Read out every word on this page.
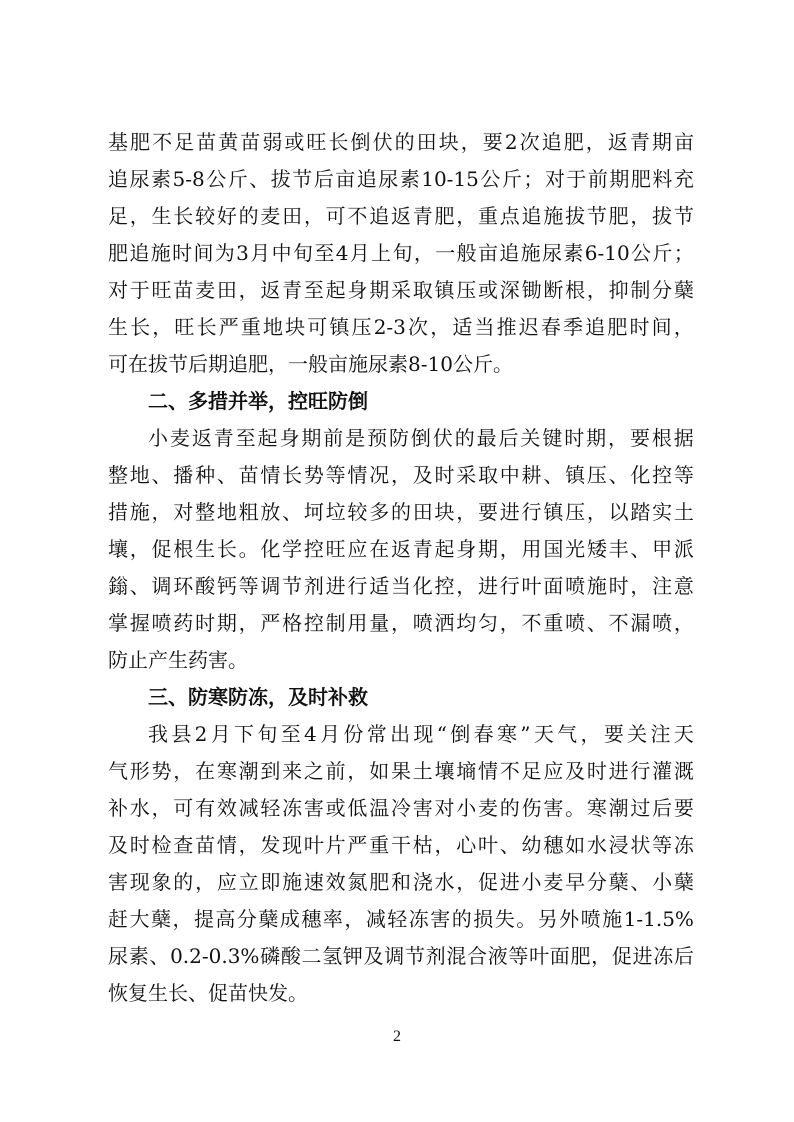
基 肥 不 足 苗 黄 苗 弱 或 旺 长 倒 伏 的 田 块 ， 要 2 次 追 肥 ， 返 青 期 亩
追 尿 素 5-8 公 斤 、 拔 节 后 亩 追 尿 素 10-15 公 斤 ； 对 于 前 期 肥 料 充
足 ， 生 长 较 好 的 麦 田 ， 可 不 追 返 青 肥 ， 重 点 追 施 拔 节 肥 ， 拔 节
肥 追 施 时 间 为 3 月 中 旬 至 4 月 上 旬 ， 一 般 亩 追 施 尿 素 6-10 公 斤 ；
对 于 旺 苗 麦 田 ， 返 青 至 起 身 期 采 取 镇 压 或 深 锄 断 根 ， 抑 制 分 蘖
生 长 ， 旺 长 严 重 地 块 可 镇 压 2-3 次 ， 适 当 推 迟 春 季 追 肥 时 间 ，
可 在 拔 节 后 期 追 肥 ， 一 般 亩 施 尿 素 8-10 公 斤 。
二 、 多 措 并 举 ， 控 旺 防 倒
小 麦 返 青 至 起 身 期 前 是 预 防 倒 伏 的 最 后 关 键 时 期 ， 要 根 据
整 地 、 播 种 、 苗 情 长 势 等 情 况 ， 及 时 采 取 中 耕 、 镇 压 、 化 控 等
措 施 ， 对 整 地 粗 放 、 坷 垃 较 多 的 田 块 ， 要 进 行 镇 压 ， 以 踏 实 土
壤 ， 促 根 生 长 。 化 学 控 旺 应 在 返 青 起 身 期 ， 用 国 光 矮 丰 、 甲 派
鎓 、 调 环 酸 钙 等 调 节 剂 进 行 适 当 化 控 ， 进 行 叶 面 喷 施 时 ， 注 意
掌 握 喷 药 时 期 ， 严 格 控 制 用 量 ， 喷 洒 均 匀 ， 不 重 喷 、 不 漏 喷 ，
防 止 产 生 药 害 。
三 、 防 寒 防 冻 ， 及 时 补 救
我 县 2 月 下 旬 至 4 月 份 常 出 现 “ 倒 春 寒 ” 天 气 ， 要 关 注 天
气 形 势 ， 在 寒 潮 到 来 之 前 ， 如 果 土 壤 墒 情 不 足 应 及 时 进 行 灌 溉
补 水 ， 可 有 效 减 轻 冻 害 或 低 温 冷 害 对 小 麦 的 伤 害 。 寒 潮 过 后 要
及 时 检 查 苗 情 ， 发 现 叶 片 严 重 干 枯 ， 心 叶 、 幼 穗 如 水 浸 状 等 冻
害 现 象 的 ， 应 立 即 施 速 效 氮 肥 和 浇 水 ， 促 进 小 麦 早 分 蘖 、 小 蘖
赶 大 蘖 ， 提 高 分 蘖 成 穗 率 ， 减 轻 冻 害 的 损 失 。 另 外 喷 施 1-1.5%
尿 素 、 0.2-0.3% 磷 酸 二 氢 钾 及 调 节 剂 混 合 液 等 叶 面 肥 ， 促 进 冻 后
恢 复 生 长 、 促 苗 快 发 。
2
